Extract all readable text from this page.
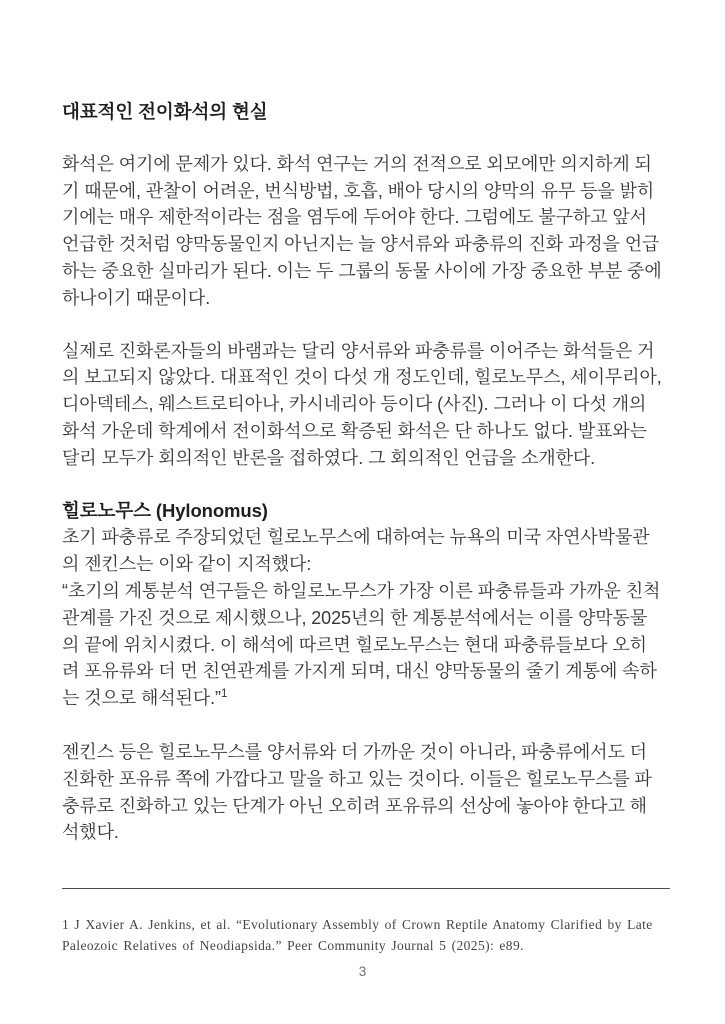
대표적인 전이화석의 현실

화석은 여기에 문제가 있다. 화석 연구는 거의 전적으로 외모에만 의지하게 되기 때문에, 관찰이 어려운, 번식방법, 호흡, 배아 당시의 양막의 유무 등을 밝히기에는 매우 제한적이라는 점을 염두에 두어야 한다. 그럼에도 불구하고 앞서 언급한 것처럼 양막동물인지 아닌지는 늘 양서류와 파충류의 진화 과정을 언급하는 중요한 실마리가 된다. 이는 두 그룹의 동물 사이에 가장 중요한 부분 중에 하나이기 때문이다.

실제로 진화론자들의 바램과는 달리 양서류와 파충류를 이어주는 화석들은 거의 보고되지 않았다. 대표적인 것이 다섯 개 정도인데, 힐로노무스, 세이무리아, 디아덱테스, 웨스트로티아나, 카시네리아 등이다 (사진). 그러나 이 다섯 개의 화석 가운데 학계에서 전이화석으로 확증된 화석은 단 하나도 없다. 발표와는 달리 모두가 회의적인 반론을 접하였다. 그 회의적인 언급을 소개한다.

힐로노무스 (Hylonomus)

초기 파충류로 주장되었던 힐로노무스에 대하여는 뉴욕의 미국 자연사박물관의 젠킨스는 이와 같이 지적했다:

“초기의 계통분석 연구들은 하일로노무스가 가장 이른 파충류들과 가까운 친척 관계를 가진 것으로 제시했으나, 2025년의 한 계통분석에서는 이를 양막동물의 끝에 위치시켰다. 이 해석에 따르면 힐로노무스는 현대 파충류들보다 오히려 포유류와 더 먼 친연관계를 가지게 되며, 대신 양막동물의 줄기 계통에 속하는 것으로 해석된다.”$^1$

젠킨스 등은 힐로노무스를 양서류와 더 가까운 것이 아니라, 파충류에서도 더 진화한 포유류 쪽에 가깝다고 말을 하고 있는 것이다. 이들은 힐로노무스를 파충류로 진화하고 있는 단계가 아닌 오히려 포유류의 선상에 놓아야 한다고 해석했다.

1 J Xavier A. Jenkins, et al. “Evolutionary Assembly of Crown Reptile Anatomy Clarified by Late Paleozoic Relatives of Neodiapsida.” Peer Community Journal 5 (2025): e89.

3
